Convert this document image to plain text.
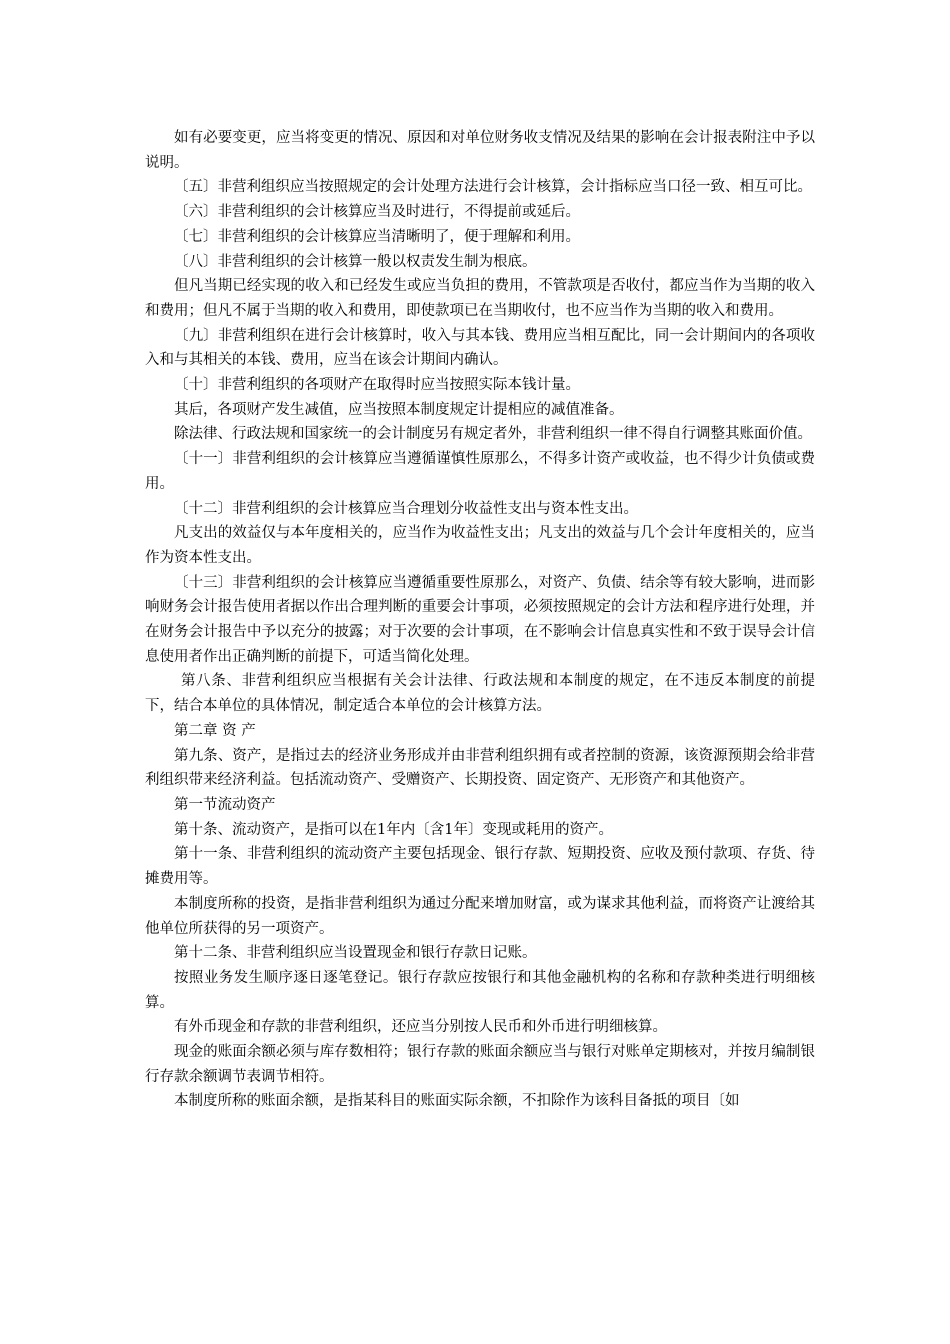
如有必要变更，应当将变更的情况、原因和对单位财务收支情况及结果的影响在会计报表附注中予以说明。

〔五〕非营利组织应当按照规定的会计处理方法进行会计核算，会计指标应当口径一致、相互可比。

〔六〕非营利组织的会计核算应当及时进行，不得提前或延后。

〔七〕非营利组织的会计核算应当清晰明了，便于理解和利用。

〔八〕非营利组织的会计核算一般以权责发生制为根底。

但凡当期已经实现的收入和已经发生或应当负担的费用，不管款项是否收付，都应当作为当期的收入和费用；但凡不属于当期的收入和费用，即使款项已在当期收付，也不应当作为当期的收入和费用。

〔九〕非营利组织在进行会计核算时，收入与其本钱、费用应当相互配比，同一会计期间内的各项收入和与其相关的本钱、费用，应当在该会计期间内确认。

〔十〕非营利组织的各项财产在取得时应当按照实际本钱计量。

其后，各项财产发生减值，应当按照本制度规定计提相应的减值准备。

除法律、行政法规和国家统一的会计制度另有规定者外，非营利组织一律不得自行调整其账面价值。

〔十一〕非营利组织的会计核算应当遵循谨慎性原那么，不得多计资产或收益，也不得少计负债或费用。

〔十二〕非营利组织的会计核算应当合理划分收益性支出与资本性支出。

凡支出的效益仅与本年度相关的，应当作为收益性支出；凡支出的效益与几个会计年度相关的，应当作为资本性支出。

〔十三〕非营利组织的会计核算应当遵循重要性原那么，对资产、负债、结余等有较大影响，进而影响财务会计报告使用者据以作出合理判断的重要会计事项，必须按照规定的会计方法和程序进行处理，并在财务会计报告中予以充分的披露；对于次要的会计事项，在不影响会计信息真实性和不致于误导会计信息使用者作出正确判断的前提下，可适当简化处理。

第八条、非营利组织应当根据有关会计法律、行政法规和本制度的规定，在不违反本制度的前提下，结合本单位的具体情况，制定适合本单位的会计核算方法。

第二章 资 产

第九条、资产，是指过去的经济业务形成并由非营利组织拥有或者控制的资源，该资源预期会给非营利组织带来经济利益。包括流动资产、受赠资产、长期投资、固定资产、无形资产和其他资产。

第一节流动资产

第十条、流动资产，是指可以在1年内〔含1年〕变现或耗用的资产。

第十一条、非营利组织的流动资产主要包括现金、银行存款、短期投资、应收及预付款项、存货、待摊费用等。

本制度所称的投资，是指非营利组织为通过分配来增加财富，或为谋求其他利益，而将资产让渡给其他单位所获得的另一项资产。

第十二条、非营利组织应当设置现金和银行存款日记账。

按照业务发生顺序逐日逐笔登记。银行存款应按银行和其他金融机构的名称和存款种类进行明细核算。

有外币现金和存款的非营利组织，还应当分别按人民币和外币进行明细核算。

现金的账面余额必须与库存数相符；银行存款的账面余额应当与银行对账单定期核对，并按月编制银行存款余额调节表调节相符。

本制度所称的账面余额，是指某科目的账面实际余额，不扣除作为该科目备抵的项目〔如
